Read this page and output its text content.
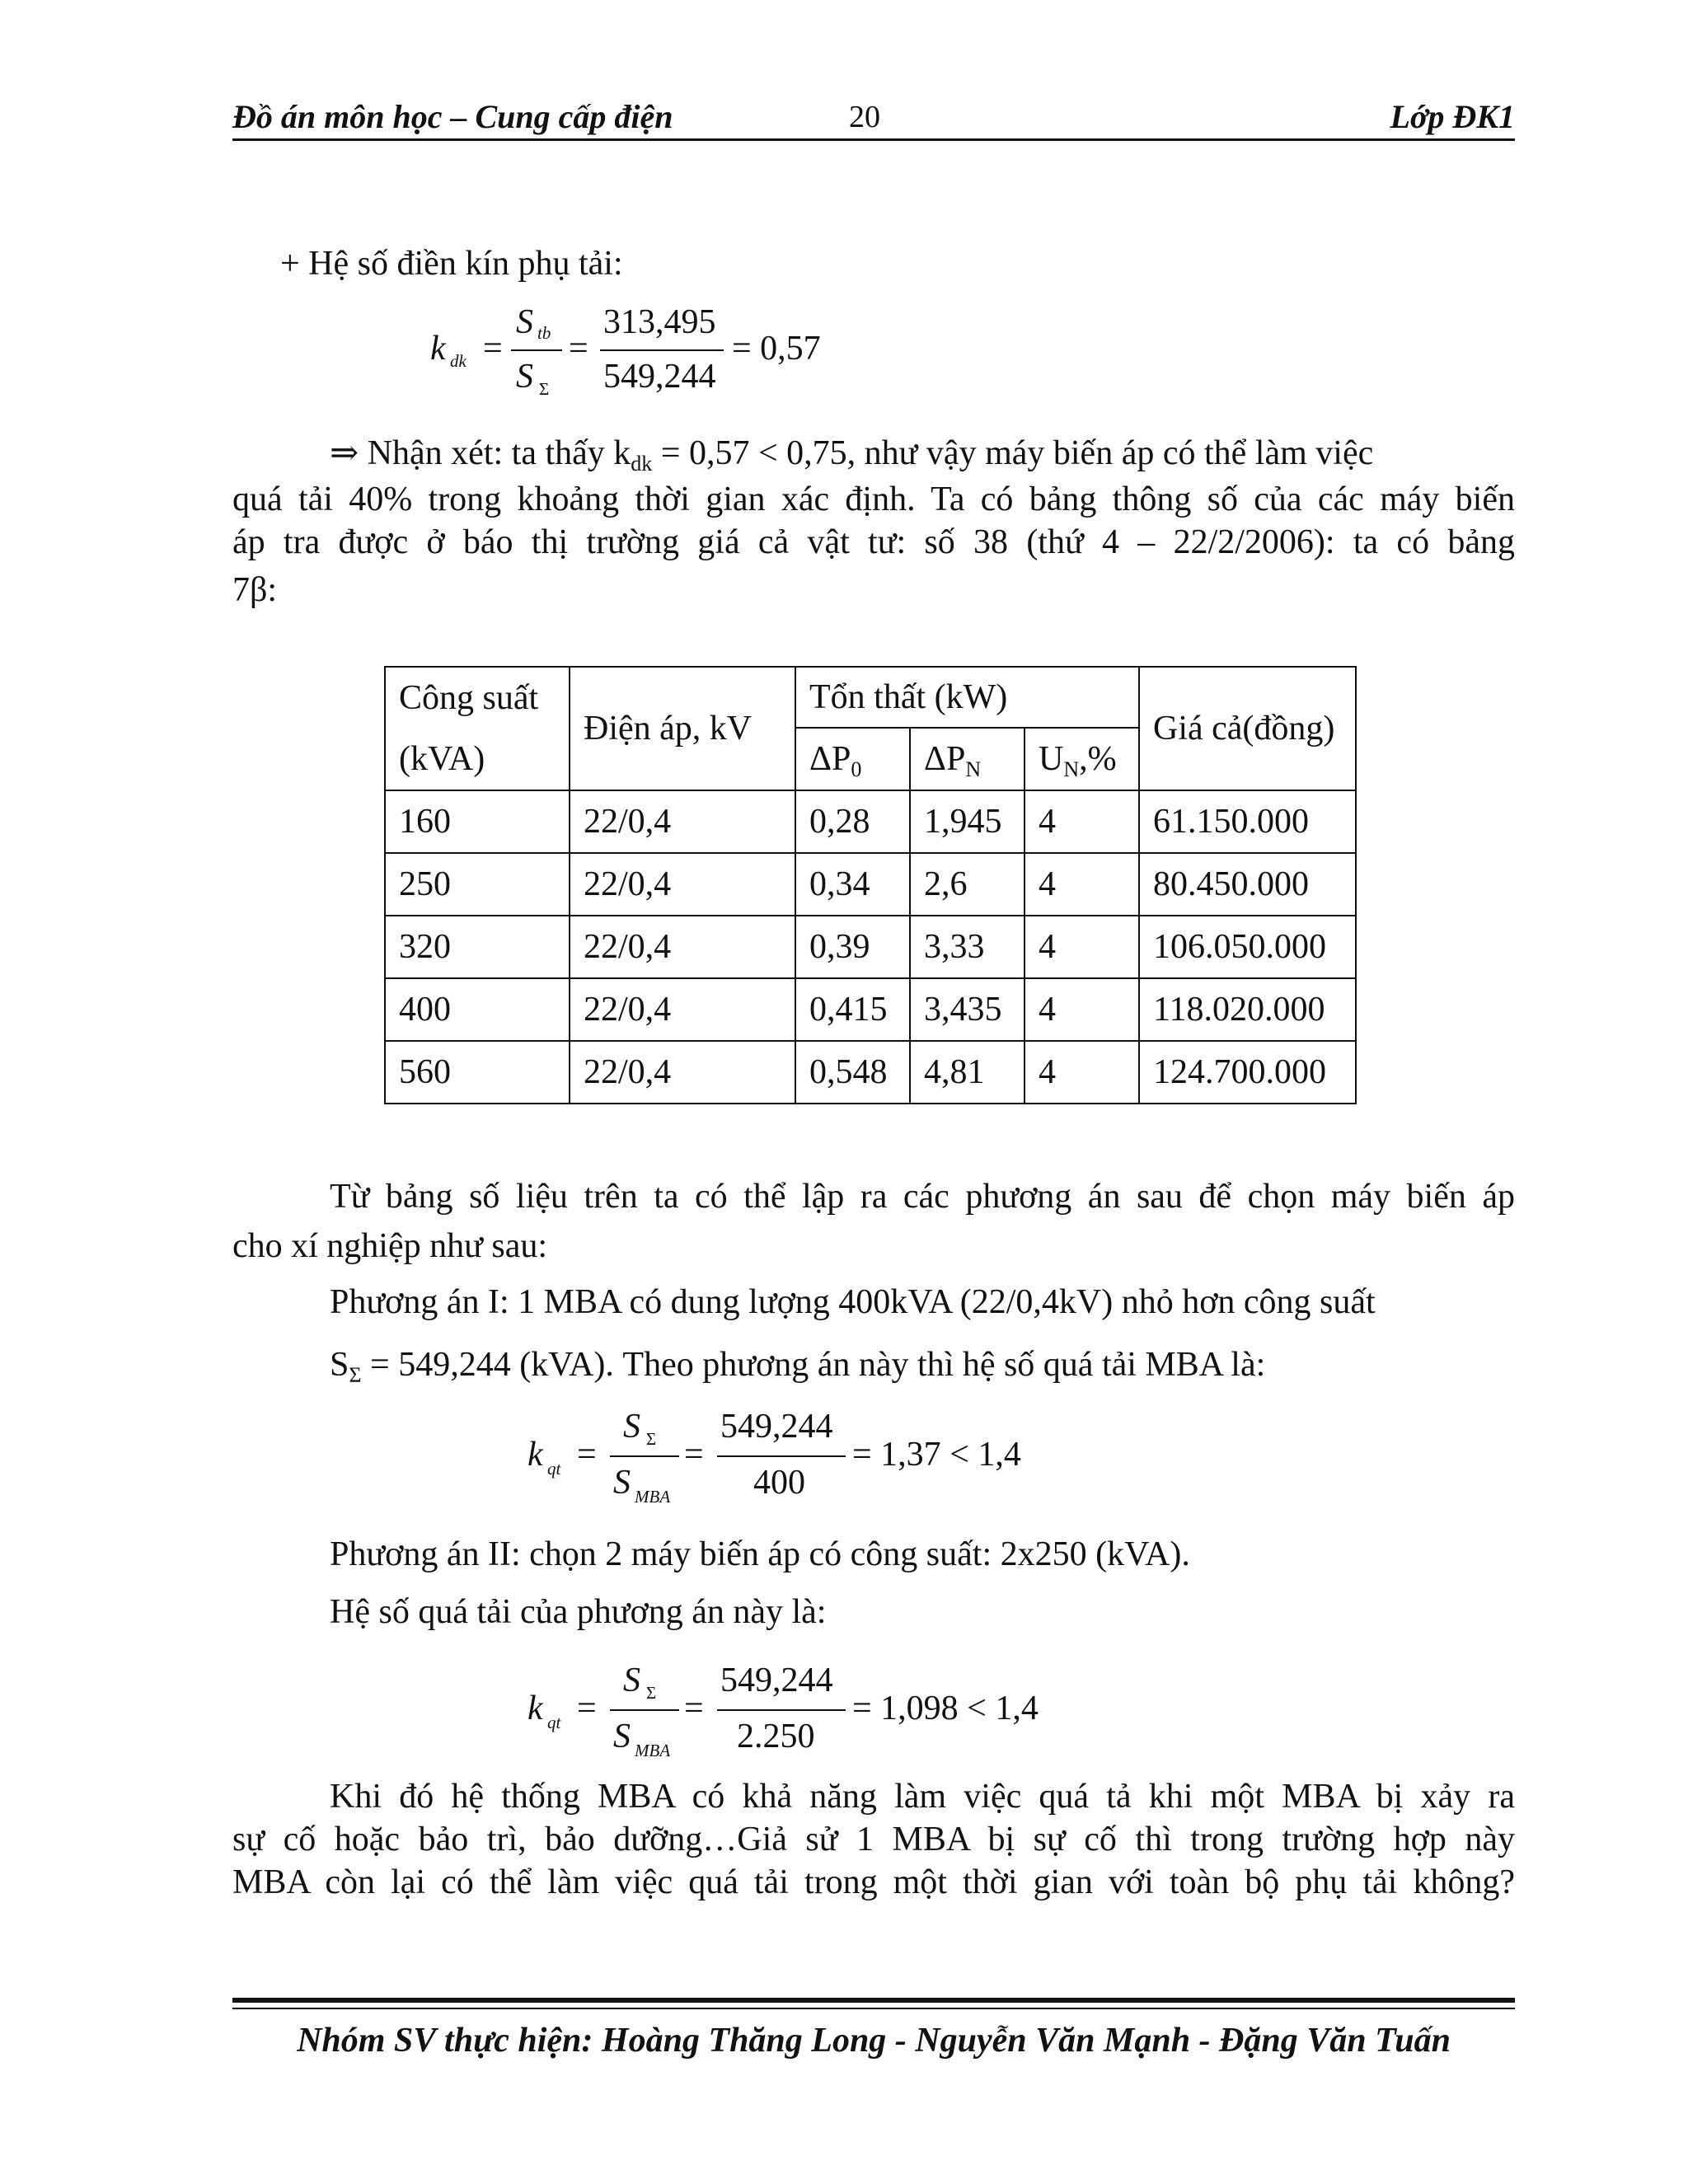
Đồ án môn học – Cung cấp điện	20	Lớp ĐK1
+ Hệ số điền kín phụ tải:
k dk =
S tb
S Σ
=
313,495
549,244
= 0,57
⇒ Nhận xét: ta thấy $k_{dk} = 0,57 < 0,75$, như vậy máy biến áp có thể làm việc
quá tải 40% trong khoảng thời gian xác định. Ta có bảng thông số của các máy biến
áp tra được ở báo thị trường giá cả vật tư: số 38 (thứ 4 – 22/2/2006): ta có bảng
7β:
Công suất
(kVA)	Điện áp, kV	Tổn thất (kW)			Giá cả(đồng)
		$\Delta P_0$	$\Delta P_N$	$U_N,\%$	
160	22/0,4	0,28	1,945	4	61.150.000
250	22/0,4	0,34	2,6	4	80.450.000
320	22/0,4	0,39	3,33	4	106.050.000
400	22/0,4	0,415	3,435	4	118.020.000
560	22/0,4	0,548	4,81	4	124.700.000
Từ bảng số liệu trên ta có thể lập ra các phương án sau để chọn máy biến áp
cho xí nghiệp như sau:
Phương án I: 1 MBA có dung lượng 400kVA (22/0,4kV) nhỏ hơn công suất
$S_\Sigma = 549,244$ (kVA). Theo phương án này thì hệ số quá tải MBA là:
k qt =
S Σ
S MBA
=
549,244
400
= 1,37 < 1,4
Phương án II: chọn 2 máy biến áp có công suất: 2x250 (kVA).
Hệ số quá tải của phương án này là:
k qt =
S Σ
S MBA
=
549,244
2.250
= 1,098 < 1,4
Khi đó hệ thống MBA có khả năng làm việc quá tả khi một MBA bị xảy ra
sự cố hoặc bảo trì, bảo dưỡng…Giả sử 1 MBA bị sự cố thì trong trường hợp này
MBA còn lại có thể làm việc quá tải trong một thời gian với toàn bộ phụ tải không?
Nhóm SV thực hiện: Hoàng Thăng Long - Nguyễn Văn Mạnh - Đặng Văn Tuấn
